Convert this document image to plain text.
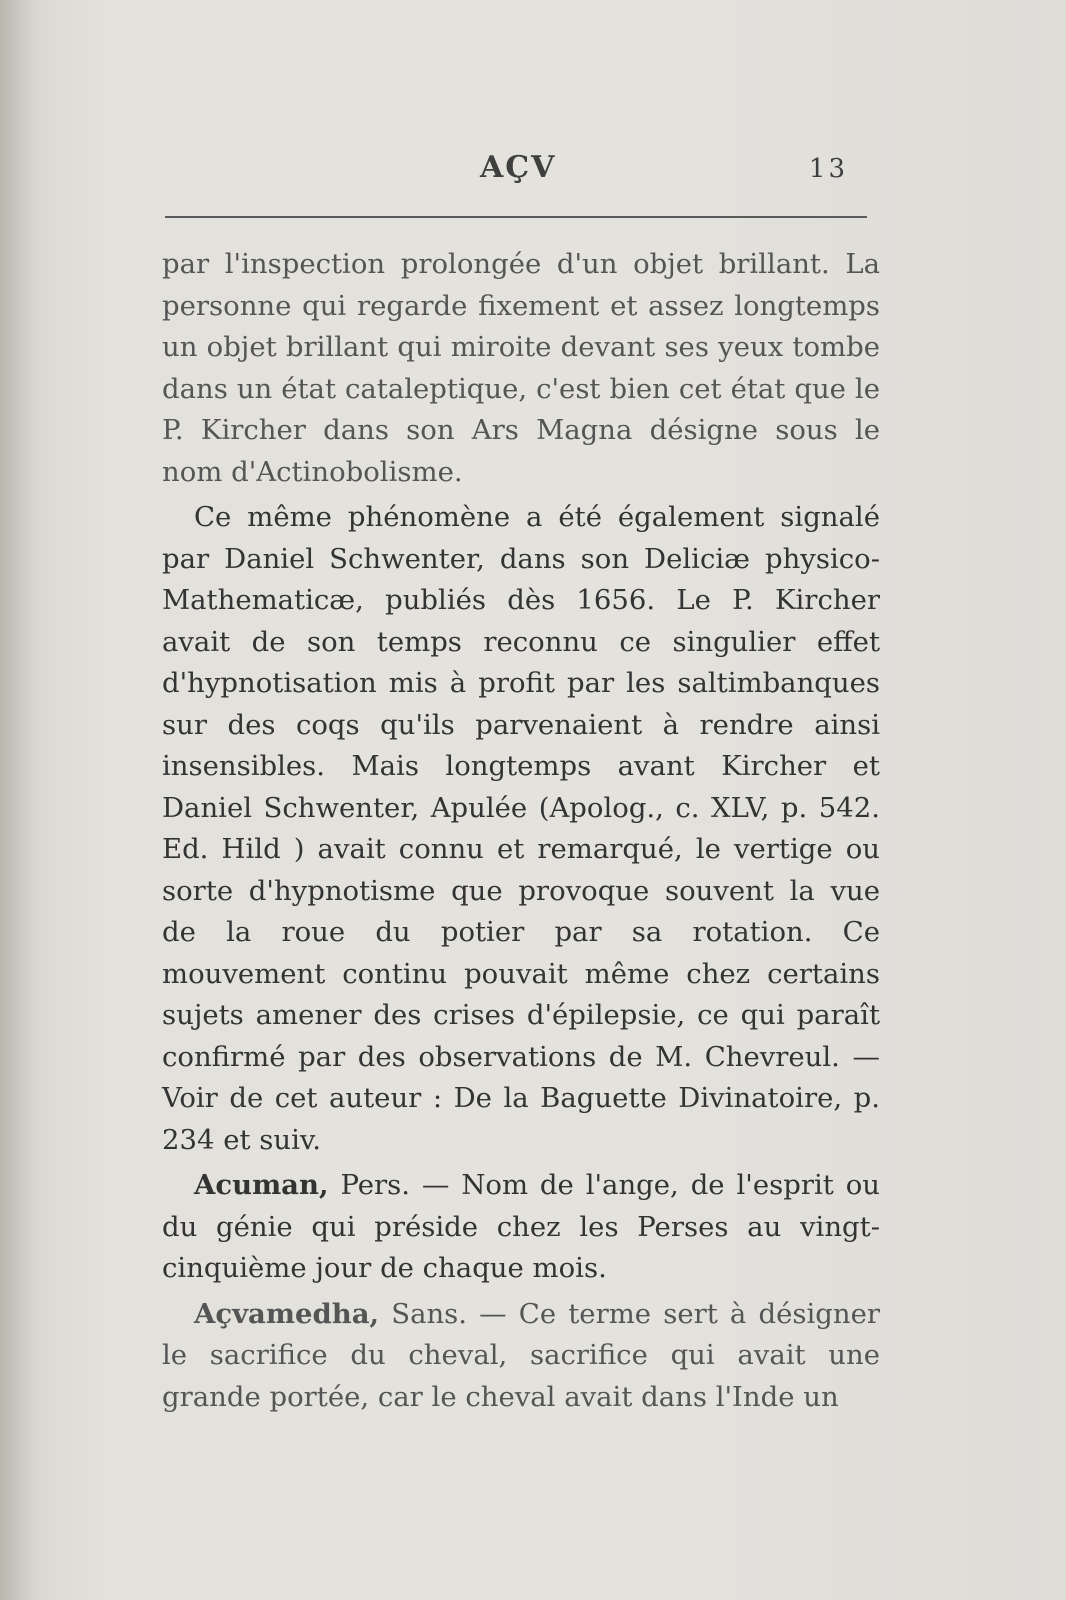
AÇV	13

par l'inspection prolongée d'un objet brillant. La personne qui regarde fixement et assez longtemps un objet brillant qui miroite devant ses yeux tombe dans un état cataleptique, c'est bien cet état que le P. Kircher dans son Ars Magna désigne sous le nom d'Actinobolisme.

Ce même phénomène a été également signalé par Daniel Schwenter, dans son Deliciæ physico-Mathematicæ, publiés dès 1656. Le P. Kircher avait de son temps reconnu ce singulier effet d'hypnotisation mis à profit par les saltimbanques sur des coqs qu'ils parvenaient à rendre ainsi insensibles. Mais longtemps avant Kircher et Daniel Schwenter, Apulée (Apolog., c. XLV, p. 542. Ed. Hild ) avait connu et remarqué, le vertige ou sorte d'hypnotisme que provoque souvent la vue de la roue du potier par sa rotation. Ce mouvement continu pouvait même chez certains sujets amener des crises d'épilepsie, ce qui paraît confirmé par des observations de M. Chevreul. — Voir de cet auteur : De la Baguette Divinatoire, p. 234 et suiv.

Acuman, Pers. — Nom de l'ange, de l'esprit ou du génie qui préside chez les Perses au vingt-cinquième jour de chaque mois.

Açvamedha, Sans. — Ce terme sert à désigner le sacrifice du cheval, sacrifice qui avait une grande portée, car le cheval avait dans l'Inde un
